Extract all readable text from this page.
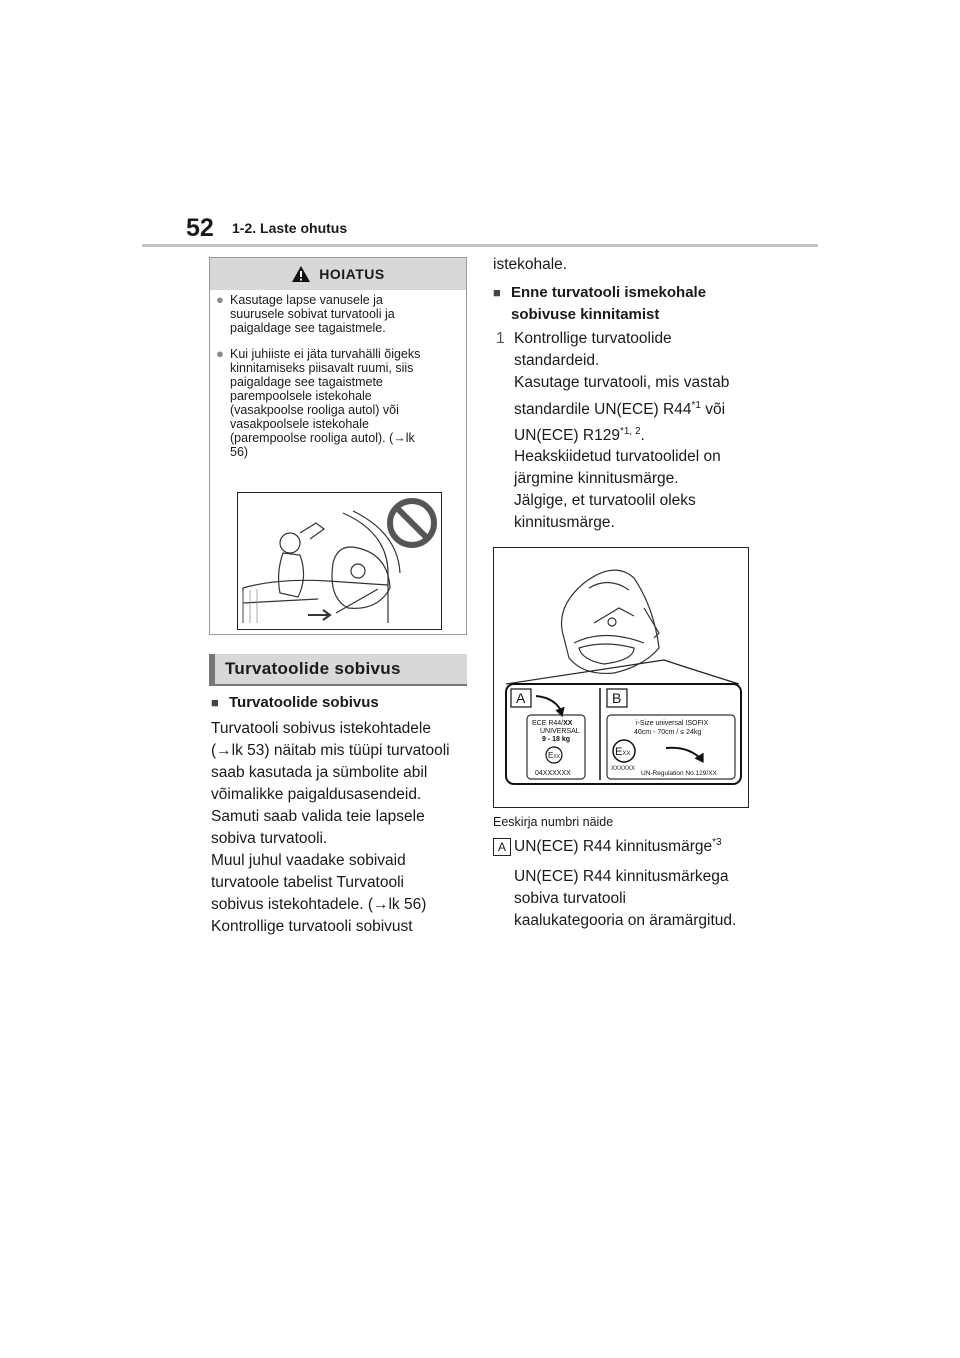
52 1-2. Laste ohutus
HOIATUS
● Kasutage lapse vanusele ja
suurusele sobivat turvatooli ja
paigaldage see tagaistmele.
● Kui juhiiste ei jäta turvahälli õigeks
kinnitamiseks piisavalt ruumi, siis
paigaldage see tagaistmete
parempoolsele istekohale
(vasakpoolse rooliga autol) või
vasakpoolsele istekohale
(parempoolse rooliga autol). (→lk
56)
Turvatoolide sobivus
■ Turvatoolide sobivus
Turvatooli sobivus istekohtadele
(→lk 53) näitab mis tüüpi turvatooli
saab kasutada ja sümbolite abil
võimalikke paigaldusasendeid.
Samuti saab valida teie lapsele
sobiva turvatooli.
Muul juhul vaadake sobivaid
turvatoole tabelist Turvatooli
sobivus istekohtadele. (→lk 56)
Kontrollige turvatooli sobivust
istekohale.
■ Enne turvatooli ismekohale
sobivuse kinnitamist
1 Kontrollige turvatoolide
standardeid.
Kasutage turvatooli, mis vastab
standardile UN(ECE) R44$^{*1}$ või
UN(ECE) R129$^{*1, 2}$.
Heakskiidetud turvatoolidel on
järgmine kinnitusmärge.
Jälgige, et turvatoolil oleks
kinnitusmärge.
A
ECE R44/XX
UNIVERSAL
9 - 18 kg
EXX
04XXXXXX
B
i-Size universal ISOFIX
40cm - 70cm / ≤ 24kg
EXX
XXXXXX
UN-Regulation No.129/XX
Eeskirja numbri näide
A UN(ECE) R44 kinnitusmärge$^{*3}$
UN(ECE) R44 kinnitusmärkega
sobiva turvatooli
kaalukategooria on äramärgitud.
